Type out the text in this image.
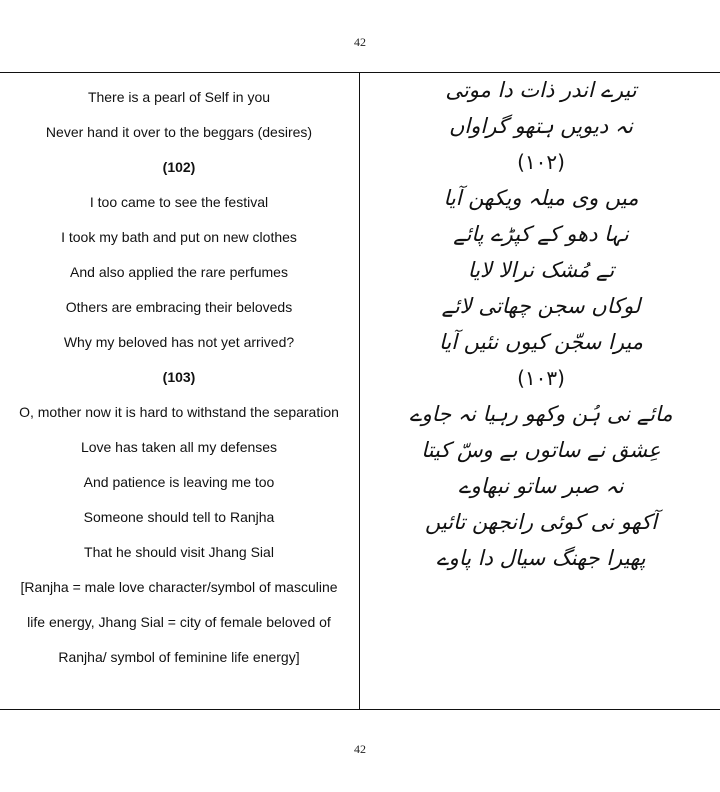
42
There is a pearl of Self in you
Never hand it over to the beggars (desires)
(102)
I too came to see the festival
I took my bath and put on new clothes
And also applied the rare perfumes
Others are embracing their beloveds
Why my beloved has not yet arrived?
(103)
O, mother now it is hard to withstand the separation
Love has taken all my defenses
And patience is leaving me too
Someone should tell to Ranjha
That he should visit Jhang Sial
[Ranjha = male love character/symbol of masculine
life energy, Jhang Sial = city of female beloved of
Ranjha/ symbol of feminine life energy]
تیرے اندر ذات دا موتی
نہ دیویں ہتھو گراواں
(۱۰۲)
میں وی میلہ ویکھن آیا
نہا دھو کے کپڑے پائے
تے مُشک نرالا لایا
لوکاں سجن چھاتی لائے
میرا سجّن کیوں نئیں آیا
(۱۰۳)
مائے نی ہُن وکھو رہیا نہ جاوے
عِشق نے ساتوں بے وسّ کیتا
نہ صبر ساتو نبھاوے
آکھو نی کوئی رانجھن تائیں
پھیرا جھنگ سیال دا پاوے
42
